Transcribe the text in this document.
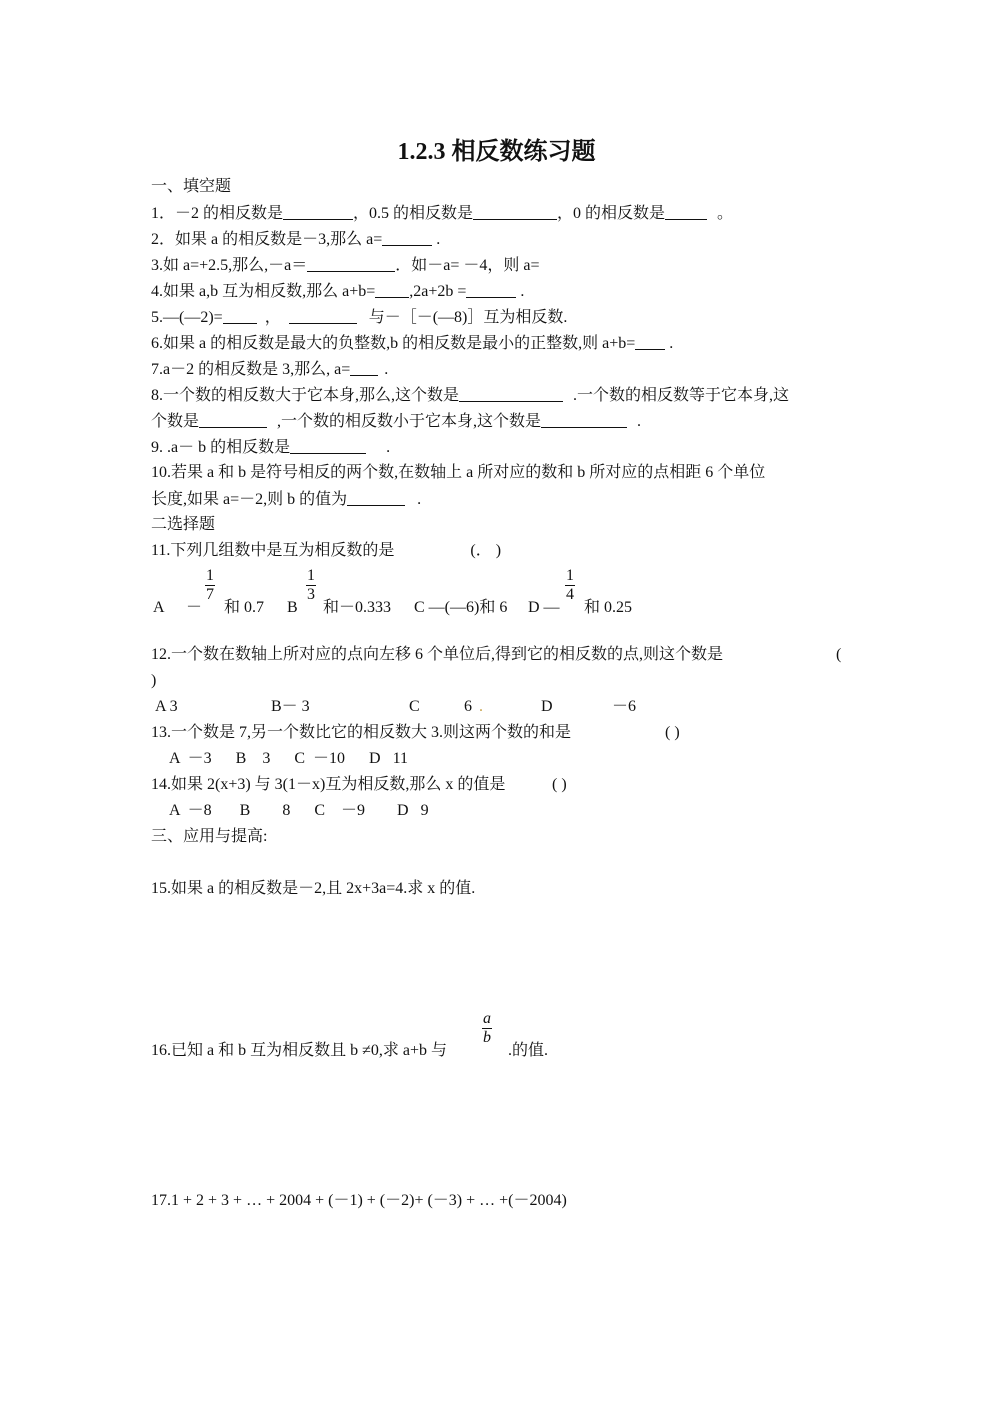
1.2.3 相反数练习题
一、填空题
1．－2 的相反数是	，0.5 的相反数是	，0 的相反数是	。
2．如果 a 的相反数是－3,那么 a=	.
3.如 a=+2.5,那么,－a＝	．如－a= －4，则 a=
4.如果 a,b 互为相反数,那么 a+b= ,2a+2b =	.
5.—(—2)=	，	与－［－(—8)］互为相反数.
6.如果 a 的相反数是最大的负整数,b 的相反数是最小的正整数,则 a+b= .
7.a－2 的相反数是 3,那么, a= .
8.一个数的相反数大于它本身,那么,这个数是	.一个数的相反数等于它本身,这
个数是	,一个数的相反数小于它本身,这个数是	.
9. .a－ b 的相反数是	.
10.若果 a 和 b 是符号相反的两个数,在数轴上 a 所对应的数和 b 所对应的点相距 6 个单位
长度,如果 a=－2,则 b 的值为	.
二选择题
11.下列几组数中是互为相反数的是	(． )
$\frac{1}{7}$	$\frac{1}{3}$	$\frac{1}{4}$
A － 和 0.7 B 和－0.333 C —(—6)和 6 D — 和 0.25
12.一个数在数轴上所对应的点向左移 6 个单位后,得到它的相反数的点,则这个数是	(
)
A 3	B－ 3	C	6 .	D	－6
13.一个数是 7,另一个数比它的相反数大 3.则这两个数的和是	( )
A  －3      B    3      C  －10      D   11
14.如果 2(x+3) 与 3(1－x)互为相反数,那么 x 的值是	( )
A  －8       B        8      C    －9        D   9
三、应用与提高:
15.如果 a 的相反数是－2,且 2x+3a=4.求 x 的值.
$\frac{a}{b}$
16.已知 a 和 b 互为相反数且 b ≠0,求 a+b 与	.的值.
17.1 + 2 + 3 + … + 2004 + (－1) + (－2)+ (－3) + … +(－2004)
